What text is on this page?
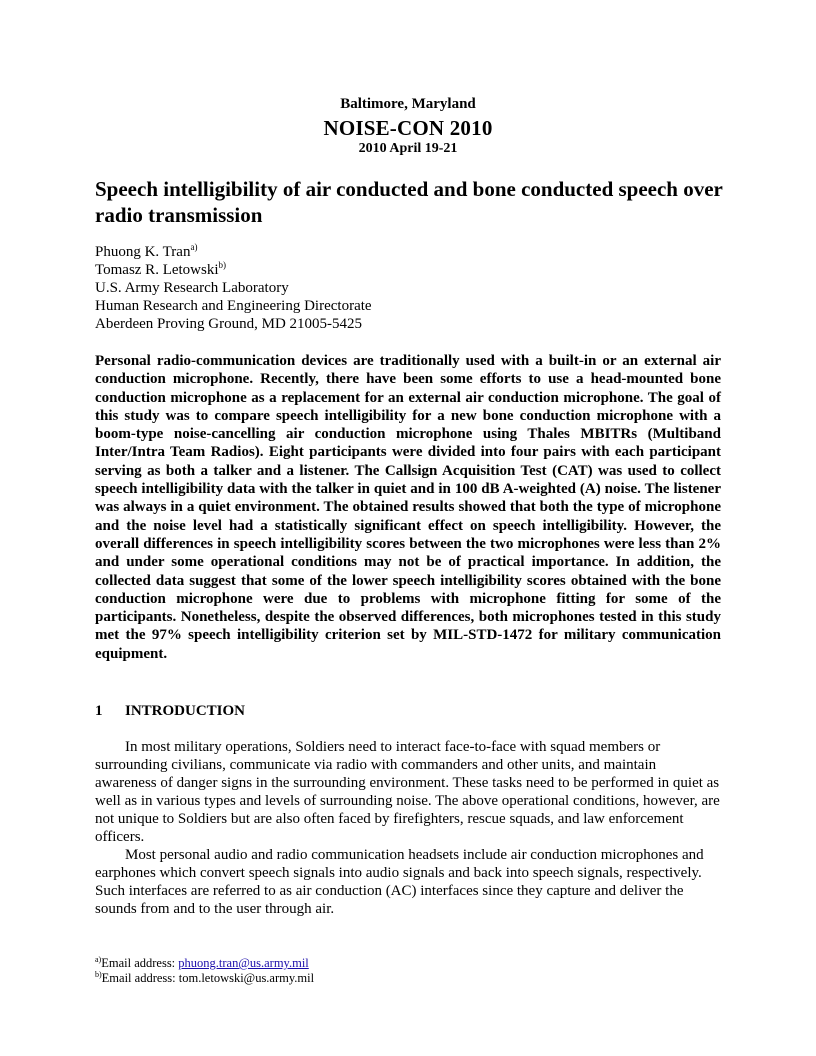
Baltimore, Maryland
NOISE-CON 2010
2010 April 19-21
Speech intelligibility of air conducted and bone conducted speech over radio transmission
Phuong K. Tran$^{a)}$
Tomasz R. Letowski$^{b)}$
U.S. Army Research Laboratory
Human Research and Engineering Directorate
Aberdeen Proving Ground, MD 21005-5425
Personal radio-communication devices are traditionally used with a built-in or an external air conduction microphone. Recently, there have been some efforts to use a head-mounted bone conduction microphone as a replacement for an external air conduction microphone. The goal of this study was to compare speech intelligibility for a new bone conduction microphone with a boom-type noise-cancelling air conduction microphone using Thales MBITRs (Multiband Inter/Intra Team Radios). Eight participants were divided into four pairs with each participant serving as both a talker and a listener. The Callsign Acquisition Test (CAT) was used to collect speech intelligibility data with the talker in quiet and in 100 dB A-weighted (A) noise. The listener was always in a quiet environment. The obtained results showed that both the type of microphone and the noise level had a statistically significant effect on speech intelligibility. However, the overall differences in speech intelligibility scores between the two microphones were less than 2% and under some operational conditions may not be of practical importance. In addition, the collected data suggest that some of the lower speech intelligibility scores obtained with the bone conduction microphone were due to problems with microphone fitting for some of the participants. Nonetheless, despite the observed differences, both microphones tested in this study met the 97% speech intelligibility criterion set by MIL-STD-1472 for military communication equipment.
1 INTRODUCTION

In most military operations, Soldiers need to interact face-to-face with squad members or surrounding civilians, communicate via radio with commanders and other units, and maintain awareness of danger signs in the surrounding environment. These tasks need to be performed in quiet as well as in various types and levels of surrounding noise. The above operational conditions, however, are not unique to Soldiers but are also often faced by firefighters, rescue squads, and law enforcement officers.

Most personal audio and radio communication headsets include air conduction microphones and earphones which convert speech signals into audio signals and back into speech signals, respectively. Such interfaces are referred to as air conduction (AC) interfaces since they capture and deliver the sounds from and to the user through air.

$^{a)}$Email address: phuong.tran@us.army.mil
$^{b)}$Email address: tom.letowski@us.army.mil
